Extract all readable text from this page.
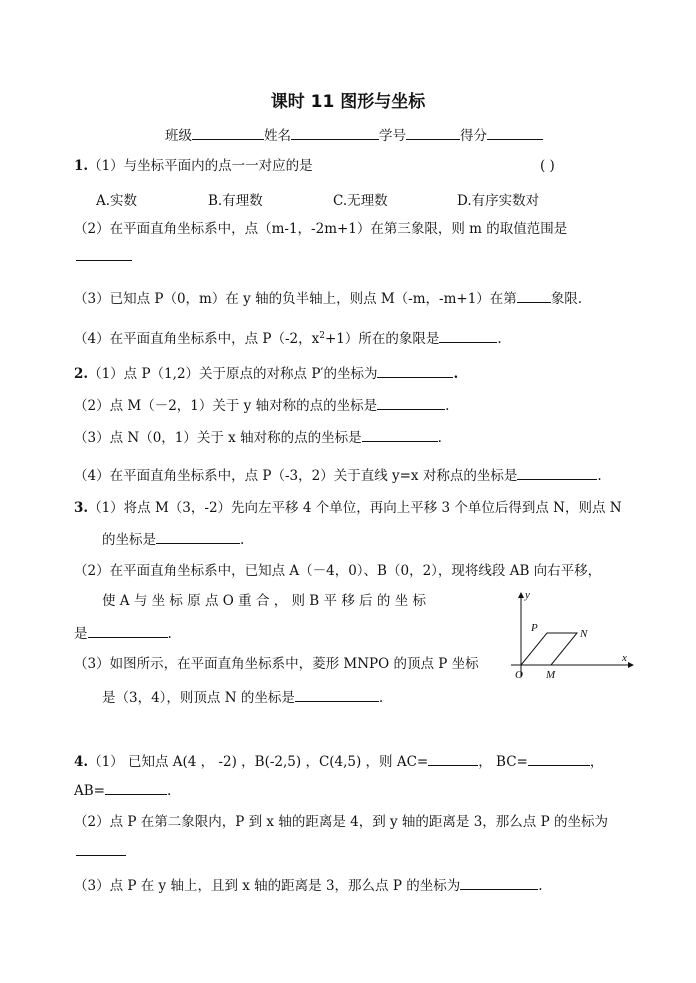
课时 11 图形与坐标
班级	姓名	学号	得分
1.（1）与坐标平面内的点一一对应的是	( )
A.实数	B.有理数	C.无理数	D.有序实数对
（2）在平面直角坐标系中，点（m-1，-2m+1）在第三象限，则 m 的取值范围是
（3）已知点 P（0，m）在 y 轴的负半轴上，则点 M（-m，-m+1）在第	象限.
（4）在平面直角坐标系中，点 P（-2，$x^2+1$）所在的象限是	.
2.（1）点 P（1,2）关于原点的对称点 P′的坐标为	.
（2）点 M（－2，1）关于 y 轴对称的点的坐标是	.
（3）点 N（0，1）关于 x 轴对称的点的坐标是	.
（4）在平面直角坐标系中，点 P（-3，2）关于直线 y=x 对称点的坐标是	.
3.（1）将点 M（3，-2）先向左平移 4 个单位，再向上平移 3 个单位后得到点 N，则点 N
的坐标是	.
（2）在平面直角坐标系中，已知点 A（－4，0）、B（0，2），现将线段 AB 向右平移，
使 A 与 坐 标 原 点 O 重 合 ， 则 B 平 移 后 的 坐 标
是	.
（3）如图所示，在平面直角坐标系中，菱形 MNPO 的顶点 P 坐标
是（3，4），则顶点 N 的坐标是	.
y
x
O M
N
P
4.（1） 已知点 A(4 ， -2) ，B(-2,5) ，C(4,5) ，则 AC=	， BC=	，
AB=	.
（2）点 P 在第二象限内，P 到 x 轴的距离是 4，到 y 轴的距离是 3，那么点 P 的坐标为
（3）点 P 在 y 轴上，且到 x 轴的距离是 3，那么点 P 的坐标为	.
